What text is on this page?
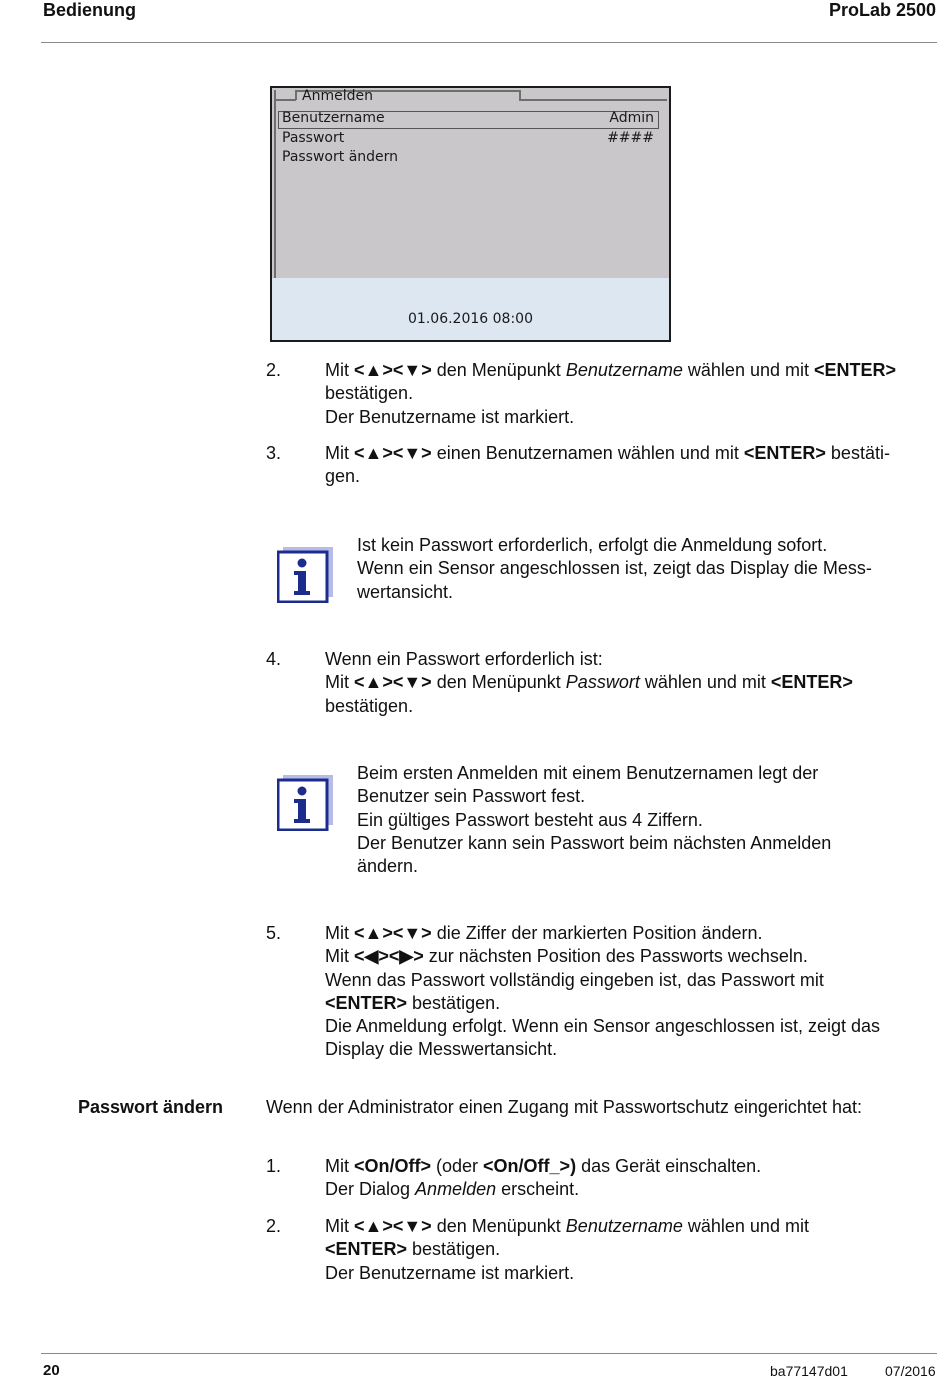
Bedienung	ProLab 2500
Anmelden
Benutzername	Admin
Passwort	####
Passwort ändern
01.06.2016 08:00
2. Mit <▲><▼> den Menüpunkt Benutzername wählen und mit <ENTER>
bestätigen.
Der Benutzername ist markiert.
3. Mit <▲><▼> einen Benutzernamen wählen und mit <ENTER> bestäti-
gen.
Ist kein Passwort erforderlich, erfolgt die Anmeldung sofort.
Wenn ein Sensor angeschlossen ist, zeigt das Display die Mess-
wertansicht.
4. Wenn ein Passwort erforderlich ist:
Mit <▲><▼> den Menüpunkt Passwort wählen und mit <ENTER>
bestätigen.
Beim ersten Anmelden mit einem Benutzernamen legt der
Benutzer sein Passwort fest.
Ein gültiges Passwort besteht aus 4 Ziffern.
Der Benutzer kann sein Passwort beim nächsten Anmelden
ändern.
5. Mit <▲><▼> die Ziffer der markierten Position ändern.
Mit <◀><▶> zur nächsten Position des Passworts wechseln.
Wenn das Passwort vollständig eingeben ist, das Passwort mit
<ENTER> bestätigen.
Die Anmeldung erfolgt. Wenn ein Sensor angeschlossen ist, zeigt das
Display die Messwertansicht.
Passwort ändern Wenn der Administrator einen Zugang mit Passwortschutz eingerichtet hat:
1. Mit <On/Off> (oder <On/Off_>) das Gerät einschalten.
Der Dialog Anmelden erscheint.
2. Mit <▲><▼> den Menüpunkt Benutzername wählen und mit
<ENTER> bestätigen.
Der Benutzername ist markiert.
20	ba77147d01	07/2016
